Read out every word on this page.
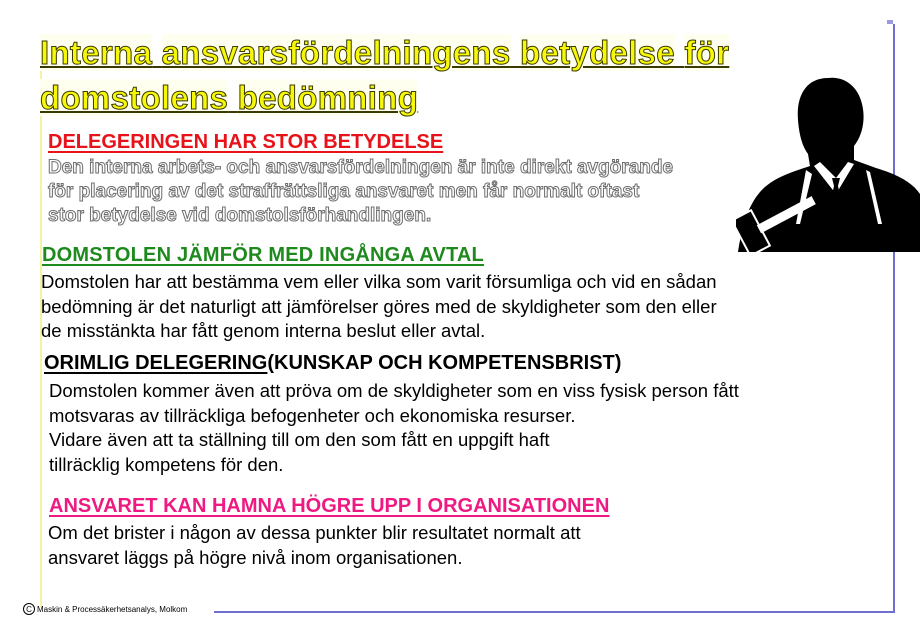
Interna ansvarsfördelningens betydelse för
domstolens bedömning
DELEGERINGEN HAR STOR BETYDELSE

Den interna arbets- och ansvarsfördelningen är inte direkt avgörande
för placering av det straffrättsliga ansvaret men får normalt oftast
stor betydelse vid domstolsförhandlingen.

DOMSTOLEN JÄMFÖR MED INGÅNGA AVTAL

Domstolen har att bestämma vem eller vilka som varit försumliga och vid en sådan
bedömning är det naturligt att jämförelser göres med de skyldigheter som den eller
de misstänkta har fått genom interna beslut eller avtal.

ORIMLIG DELEGERING(KUNSKAP OCH KOMPETENSBRIST)

Domstolen kommer även att pröva om de skyldigheter som en viss fysisk person fått
motsvaras av tillräckliga befogenheter och ekonomiska resurser.
Vidare även att ta ställning till om den som fått en uppgift haft
tillräcklig kompetens för den.

ANSVARET KAN HAMNA HÖGRE UPP I ORGANISATIONEN

Om det brister i någon av dessa punkter blir resultatet normalt att
ansvaret läggs på högre nivå inom organisationen.

C Maskin & Processäkerhetsanalys, Molkom
